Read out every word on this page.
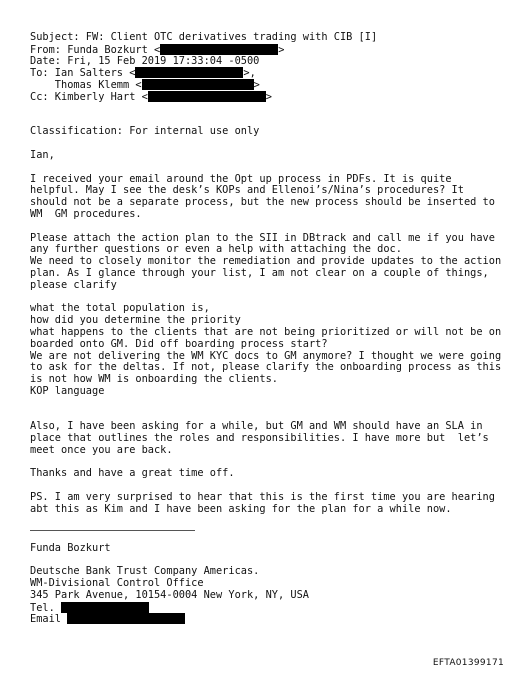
Subject: FW: Client OTC derivatives trading with CIB [I]
From: Funda Bozkurt <	>
Date: Fri, 15 Feb 2019 17:33:04 -0500
To: Ian Salters <	>,
Thomas Klemm <	>
Cc: Kimberly Hart <	>
Classification: For internal use only
Ian,
I received your email around the Opt up process in PDFs. It is quite
helpful. May I see the desk’s KOPs and Ellenoi’s/Nina’s procedures? It
should not be a separate process, but the new process should be inserted to
WM  GM procedures.
Please attach the action plan to the SII in DBtrack and call me if you have
any further questions or even a help with attaching the doc.
We need to closely monitor the remediation and provide updates to the action
plan. As I glance through your list, I am not clear on a couple of things,
please clarify
what the total population is,
how did you determine the priority
what happens to the clients that are not being prioritized or will not be on
boarded onto GM. Did off boarding process start?
We are not delivering the WM KYC docs to GM anymore? I thought we were going
to ask for the deltas. If not, please clarify the onboarding process as this
is not how WM is onboarding the clients.
KOP language
Also, I have been asking for a while, but GM and WM should have an SLA in
place that outlines the roles and responsibilities. I have more but  let’s
meet once you are back.
Thanks and have a great time off.
PS. I am very surprised to hear that this is the first time you are hearing
abt this as Kim and I have been asking for the plan for a while now.
Funda Bozkurt
Deutsche Bank Trust Company Americas.
WM-Divisional Control Office
345 Park Avenue, 10154-0004 New York, NY, USA
Tel.
Email
EFTA01399171
